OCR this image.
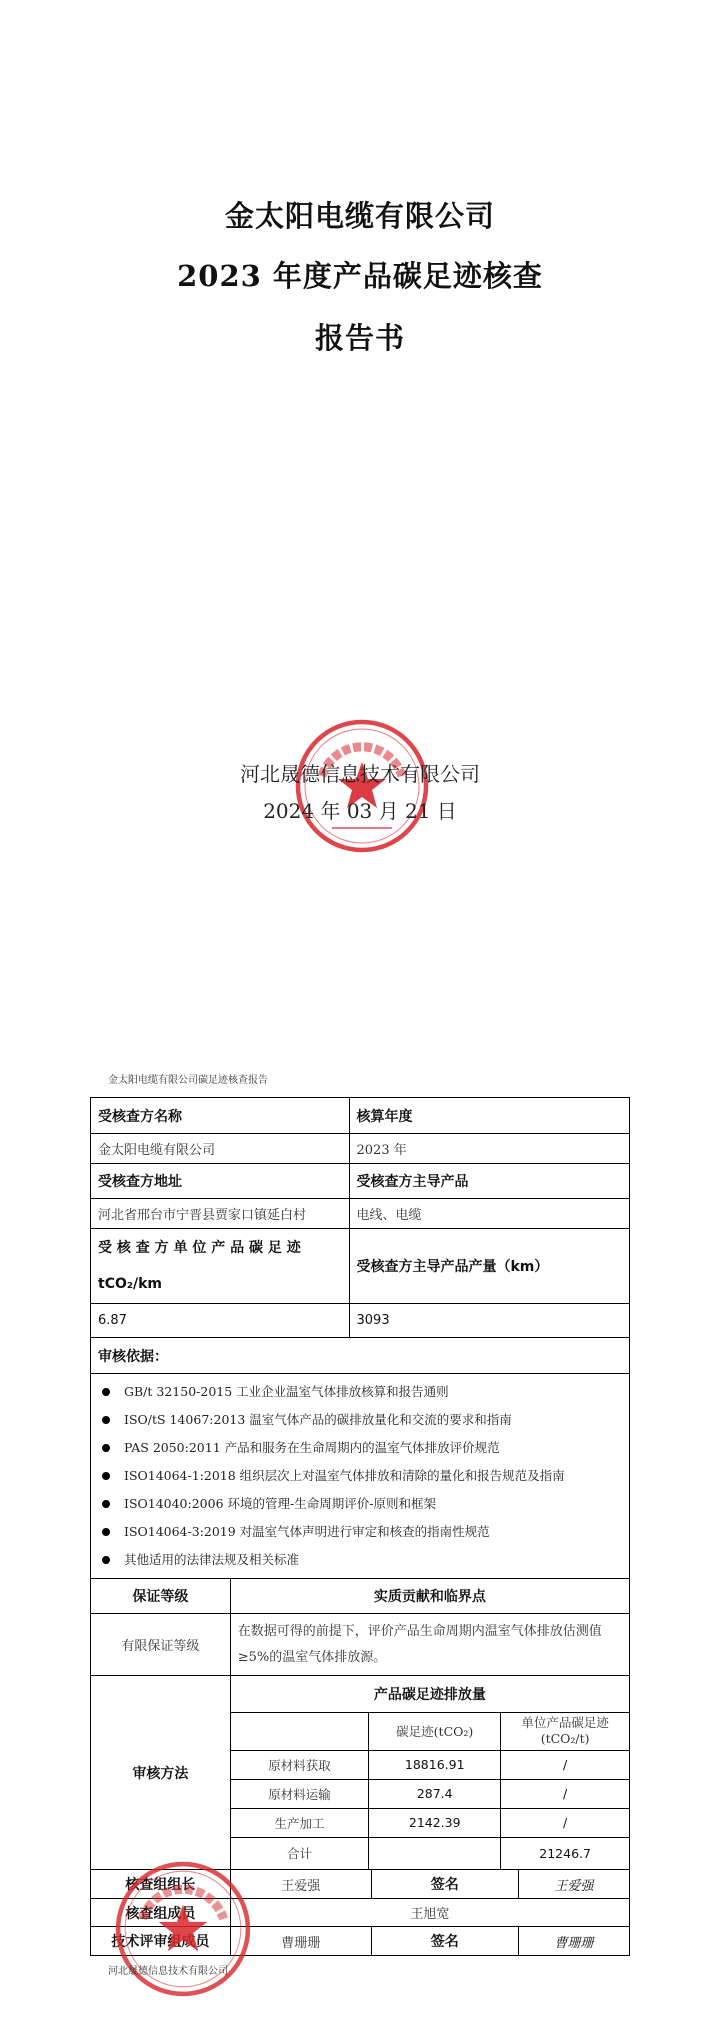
金太阳电缆有限公司
2023 年度产品碳足迹核查
报告书
河北晟德信息技术有限公司
2024 年 03 月 21 日
金太阳电缆有限公司碳足迹核查报告
受核查方名称	核算年度
金太阳电缆有限公司	2023 年
受核查方地址	受核查方主导产品
河北省邢台市宁晋县贾家口镇延白村	电线、电缆
受 核 查 方 单 位 产 品 碳 足 迹 tCO₂/km	受核查方主导产品产量（km）
6.87	3093
审核依据：

GB/t 32150-2015 工业企业温室气体排放核算和报告通则
ISO/tS 14067:2013 温室气体产品的碳排放量化和交流的要求和指南
PAS 2050:2011 产品和服务在生命周期内的温室气体排放评价规范
ISO14064-1:2018 组织层次上对温室气体排放和清除的量化和报告规范及指南
ISO14040:2006 环境的管理-生命周期评价-原则和框架
ISO14064-3:2019 对温室气体声明进行审定和核查的指南性规范
其他适用的法律法规及相关标准

保证等级	实质贡献和临界点
有限保证等级	在数据可得的前提下，评价产品生命周期内温室气体排放估测值≥5%的温室气体排放源。
审核方法	
产品碳足迹排放量
	碳足迹(tCO₂)	单位产品碳足迹(tCO₂/t)
原材料获取	18816.91	/
原材料运输	287.4	/
生产加工	2142.39	/
合计		21246.7

核查组组长		王爱强	签名	王爱强

核查组成员	王旭宽
技术评审组成员		曹珊珊	签名	曹珊珊
河北晟德信息技术有限公司
